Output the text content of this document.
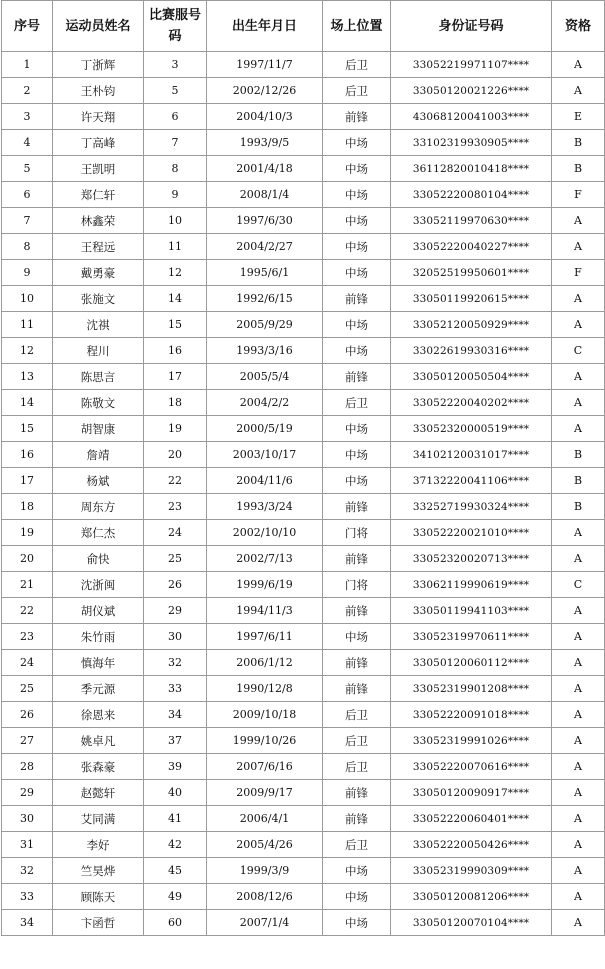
序号	运动员姓名	比赛服号码	出生年月日	场上位置	身份证号码	资格
1	丁浙辉	3	1997/11/7	后卫	33052219971107****	A
2	王朴钧	5	2002/12/26	后卫	33050120021226****	A
3	许天翔	6	2004/10/3	前锋	43068120041003****	E
4	丁高峰	7	1993/9/5	中场	33102319930905****	B
5	王凯明	8	2001/4/18	中场	36112820010418****	B
6	郑仁轩	9	2008/1/4	中场	33052220080104****	F
7	林鑫荣	10	1997/6/30	中场	33052119970630****	A
8	王程远	11	2004/2/27	中场	33052220040227****	A
9	戴勇豪	12	1995/6/1	中场	32052519950601****	F
10	张施文	14	1992/6/15	前锋	33050119920615****	A
11	沈祺	15	2005/9/29	中场	33052120050929****	A
12	程川	16	1993/3/16	中场	33022619930316****	C
13	陈思言	17	2005/5/4	前锋	33050120050504****	A
14	陈敬文	18	2004/2/2	后卫	33052220040202****	A
15	胡智康	19	2000/5/19	中场	33052320000519****	A
16	詹靖	20	2003/10/17	中场	34102120031017****	B
17	杨斌	22	2004/11/6	中场	37132220041106****	B
18	周东方	23	1993/3/24	前锋	33252719930324****	B
19	郑仁杰	24	2002/10/10	门将	33052220021010****	A
20	俞快	25	2002/7/13	前锋	33052320020713****	A
21	沈浙闽	26	1999/6/19	门将	33062119990619****	C
22	胡仪斌	29	1994/11/3	前锋	33050119941103****	A
23	朱竹雨	30	1997/6/11	中场	33052319970611****	A
24	慎海年	32	2006/1/12	前锋	33050120060112****	A
25	季元源	33	1990/12/8	前锋	33052319901208****	A
26	徐恩来	34	2009/10/18	后卫	33052220091018****	A
27	姚卓凡	37	1999/10/26	后卫	33052319991026****	A
28	张森豪	39	2007/6/16	后卫	33052220070616****	A
29	赵懿轩	40	2009/9/17	前锋	33050120090917****	A
30	艾同满	41	2006/4/1	前锋	33052220060401****	A
31	李好	42	2005/4/26	后卫	33052220050426****	A
32	竺昊烨	45	1999/3/9	中场	33052319990309****	A
33	顾陈天	49	2008/12/6	中场	33050120081206****	A
34	卞函哲	60	2007/1/4	中场	33050120070104****	A
